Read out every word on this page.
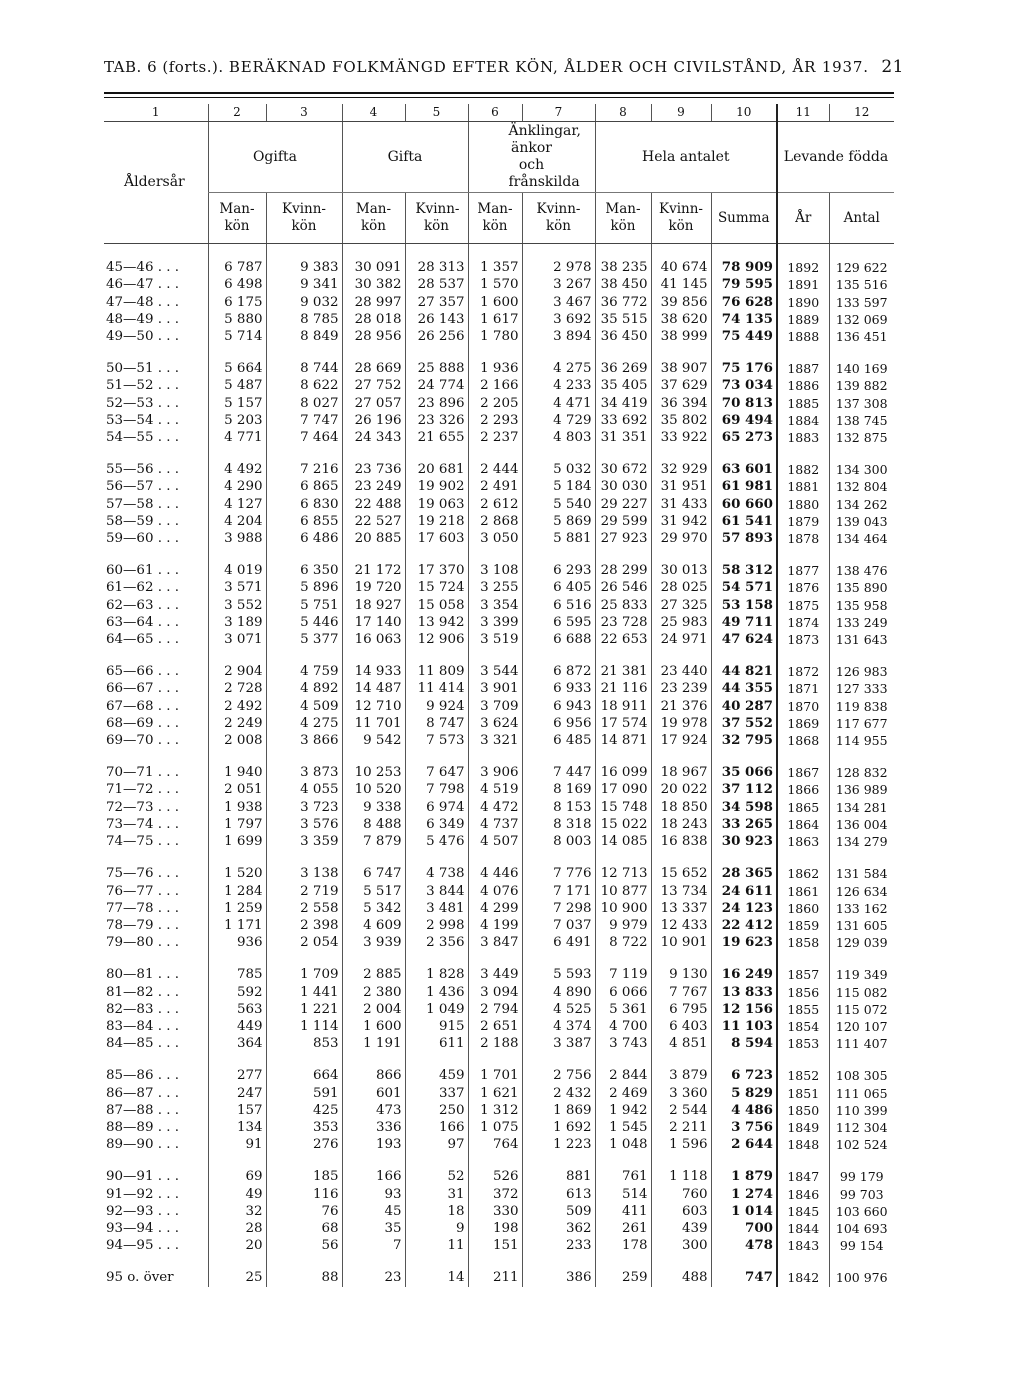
TAB. 6 (forts.). BERÄKNAD FOLKMÄNGD EFTER KÖN, ÅLDER OCH CIVILSTÅND, ÅR 1937. 21
1	2	3	4	5	6	7	8	9	10	11	12
Åldersår	Ogifta		Gifta		Änklingar, änkor och frånskilda		Hela antalet			Levande födda	
	Man-kön	Kvinn-kön	Man-kön	Kvinn-kön	Man-kön	Kvinn-kön	Man-kön	Kvinn-kön	Summa	År	Antal

45—46 . . .	6 787	9 383	30 091	28 313	1 357	2 978	38 235	40 674	78 909	1892	129 622
46—47 . . .	6 498	9 341	30 382	28 537	1 570	3 267	38 450	41 145	79 595	1891	135 516
47—48 . . .	6 175	9 032	28 997	27 357	1 600	3 467	36 772	39 856	76 628	1890	133 597
48—49 . . .	5 880	8 785	28 018	26 143	1 617	3 692	35 515	38 620	74 135	1889	132 069
49—50 . . .	5 714	8 849	28 956	26 256	1 780	3 894	36 450	38 999	75 449	1888	136 451

50—51 . . .	5 664	8 744	28 669	25 888	1 936	4 275	36 269	38 907	75 176	1887	140 169
51—52 . . .	5 487	8 622	27 752	24 774	2 166	4 233	35 405	37 629	73 034	1886	139 882
52—53 . . .	5 157	8 027	27 057	23 896	2 205	4 471	34 419	36 394	70 813	1885	137 308
53—54 . . .	5 203	7 747	26 196	23 326	2 293	4 729	33 692	35 802	69 494	1884	138 745
54—55 . . .	4 771	7 464	24 343	21 655	2 237	4 803	31 351	33 922	65 273	1883	132 875

55—56 . . .	4 492	7 216	23 736	20 681	2 444	5 032	30 672	32 929	63 601	1882	134 300
56—57 . . .	4 290	6 865	23 249	19 902	2 491	5 184	30 030	31 951	61 981	1881	132 804
57—58 . . .	4 127	6 830	22 488	19 063	2 612	5 540	29 227	31 433	60 660	1880	134 262
58—59 . . .	4 204	6 855	22 527	19 218	2 868	5 869	29 599	31 942	61 541	1879	139 043
59—60 . . .	3 988	6 486	20 885	17 603	3 050	5 881	27 923	29 970	57 893	1878	134 464

60—61 . . .	4 019	6 350	21 172	17 370	3 108	6 293	28 299	30 013	58 312	1877	138 476
61—62 . . .	3 571	5 896	19 720	15 724	3 255	6 405	26 546	28 025	54 571	1876	135 890
62—63 . . .	3 552	5 751	18 927	15 058	3 354	6 516	25 833	27 325	53 158	1875	135 958
63—64 . . .	3 189	5 446	17 140	13 942	3 399	6 595	23 728	25 983	49 711	1874	133 249
64—65 . . .	3 071	5 377	16 063	12 906	3 519	6 688	22 653	24 971	47 624	1873	131 643

65—66 . . .	2 904	4 759	14 933	11 809	3 544	6 872	21 381	23 440	44 821	1872	126 983
66—67 . . .	2 728	4 892	14 487	11 414	3 901	6 933	21 116	23 239	44 355	1871	127 333
67—68 . . .	2 492	4 509	12 710	9 924	3 709	6 943	18 911	21 376	40 287	1870	119 838
68—69 . . .	2 249	4 275	11 701	8 747	3 624	6 956	17 574	19 978	37 552	1869	117 677
69—70 . . .	2 008	3 866	9 542	7 573	3 321	6 485	14 871	17 924	32 795	1868	114 955

70—71 . . .	1 940	3 873	10 253	7 647	3 906	7 447	16 099	18 967	35 066	1867	128 832
71—72 . . .	2 051	4 055	10 520	7 798	4 519	8 169	17 090	20 022	37 112	1866	136 989
72—73 . . .	1 938	3 723	9 338	6 974	4 472	8 153	15 748	18 850	34 598	1865	134 281
73—74 . . .	1 797	3 576	8 488	6 349	4 737	8 318	15 022	18 243	33 265	1864	136 004
74—75 . . .	1 699	3 359	7 879	5 476	4 507	8 003	14 085	16 838	30 923	1863	134 279

75—76 . . .	1 520	3 138	6 747	4 738	4 446	7 776	12 713	15 652	28 365	1862	131 584
76—77 . . .	1 284	2 719	5 517	3 844	4 076	7 171	10 877	13 734	24 611	1861	126 634
77—78 . . .	1 259	2 558	5 342	3 481	4 299	7 298	10 900	13 337	24 123	1860	133 162
78—79 . . .	1 171	2 398	4 609	2 998	4 199	7 037	9 979	12 433	22 412	1859	131 605
79—80 . . .	936	2 054	3 939	2 356	3 847	6 491	8 722	10 901	19 623	1858	129 039

80—81 . . .	785	1 709	2 885	1 828	3 449	5 593	7 119	9 130	16 249	1857	119 349
81—82 . . .	592	1 441	2 380	1 436	3 094	4 890	6 066	7 767	13 833	1856	115 082
82—83 . . .	563	1 221	2 004	1 049	2 794	4 525	5 361	6 795	12 156	1855	115 072
83—84 . . .	449	1 114	1 600	915	2 651	4 374	4 700	6 403	11 103	1854	120 107
84—85 . . .	364	853	1 191	611	2 188	3 387	3 743	4 851	8 594	1853	111 407

85—86 . . .	277	664	866	459	1 701	2 756	2 844	3 879	6 723	1852	108 305
86—87 . . .	247	591	601	337	1 621	2 432	2 469	3 360	5 829	1851	111 065
87—88 . . .	157	425	473	250	1 312	1 869	1 942	2 544	4 486	1850	110 399
88—89 . . .	134	353	336	166	1 075	1 692	1 545	2 211	3 756	1849	112 304
89—90 . . .	91	276	193	97	764	1 223	1 048	1 596	2 644	1848	102 524

90—91 . . .	69	185	166	52	526	881	761	1 118	1 879	1847	99 179
91—92 . . .	49	116	93	31	372	613	514	760	1 274	1846	99 703
92—93 . . .	32	76	45	18	330	509	411	603	1 014	1845	103 660
93—94 . . .	28	68	35	9	198	362	261	439	700	1844	104 693
94—95 . . .	20	56	7	11	151	233	178	300	478	1843	99 154

95 o. över	25	88	23	14	211	386	259	488	747	1842	100 976
